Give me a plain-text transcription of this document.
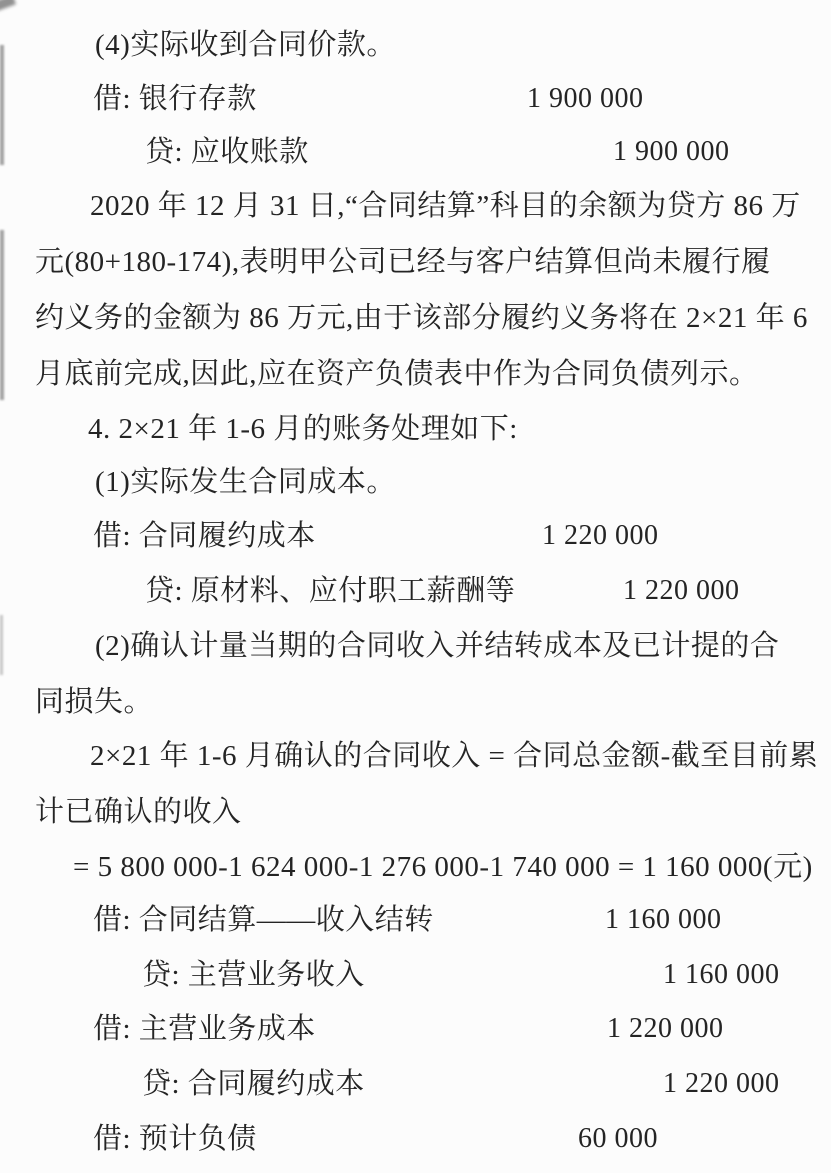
(4)实际收到合同价款。
借: 银行存款	1 900 000
贷: 应收账款	1 900 000
2020 年 12 月 31 日,“合同结算”科目的余额为贷方 86 万
元(80+180-174),表明甲公司已经与客户结算但尚未履行履
约义务的金额为 86 万元,由于该部分履约义务将在 2×21 年 6
月底前完成,因此,应在资产负债表中作为合同负债列示。
4. 2×21 年 1-6 月的账务处理如下:
(1)实际发生合同成本。
借: 合同履约成本	1 220 000
贷: 原材料、应付职工薪酬等	1 220 000
(2)确认计量当期的合同收入并结转成本及已计提的合
同损失。
2×21 年 1-6 月确认的合同收入 = 合同总金额-截至目前累
计已确认的收入
= 5 800 000-1 624 000-1 276 000-1 740 000 = 1 160 000(元)
借: 合同结算——收入结转	1 160 000
贷: 主营业务收入	1 160 000
借: 主营业务成本	1 220 000
贷: 合同履约成本	1 220 000
借: 预计负债	60 000
